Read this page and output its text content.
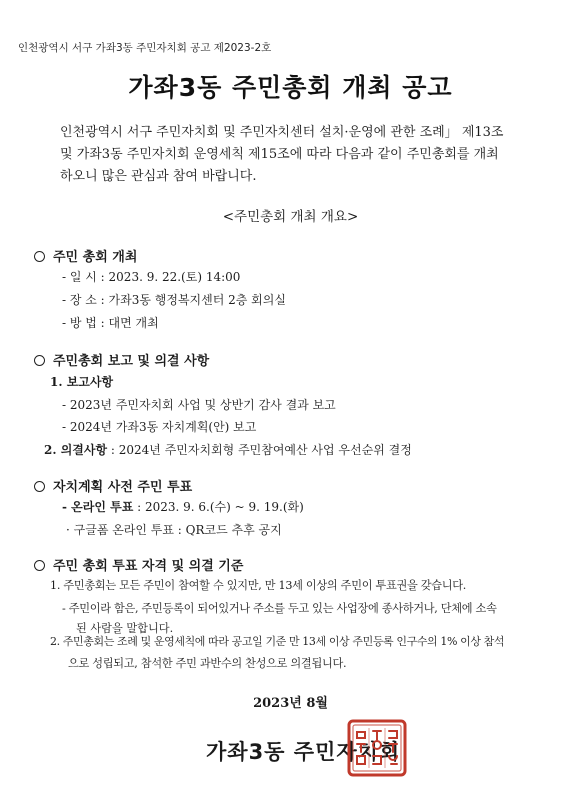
인천광역시 서구 가좌3동 주민자치회 공고 제2023-2호
가좌3동 주민총회 개최 공고
인천광역시 서구 주민자치회 및 주민자치센터 설치·운영에 관한 조례」 제13조
및 가좌3동 주민자치회 운영세칙 제15조에 따라 다음과 같이 주민총회를 개최
하오니 많은 관심과 참여 바랍니다.
<주민총회 개최 개요>
주민 총회 개최
- 일 시 : 2023. 9. 22.(토) 14:00
- 장 소 : 가좌3동 행정복지센터 2층 회의실
- 방 법 : 대면 개최
주민총회 보고 및 의결 사항
1. 보고사항
- 2023년 주민자치회 사업 및 상반기 감사 결과 보고
- 2024년 가좌3동 자치계획(안) 보고
2. 의결사항 : 2024년 주민자치회형 주민참여예산 사업 우선순위 결정
자치계획 사전 주민 투표
- 온라인 투표 : 2023. 9. 6.(수) ~ 9. 19.(화)
· 구글폼 온라인 투표 : QR코드 추후 공지
주민 총회 투표 자격 및 의결 기준
1. 주민총회는 모든 주민이 참여할 수 있지만, 만 13세 이상의 주민이 투표권을 갖습니다.
- 주민이라 함은, 주민등록이 되어있거나 주소를 두고 있는 사업장에 종사하거나, 단체에 소속
된 사람을 말합니다.
2. 주민총회는 조례 및 운영세칙에 따라 공고일 기준 만 13세 이상 주민등록 인구수의 1% 이상 참석
으로 성립되고, 참석한 주민 과반수의 찬성으로 의결됩니다.
2023년 8월
가좌3동 주민자치회
